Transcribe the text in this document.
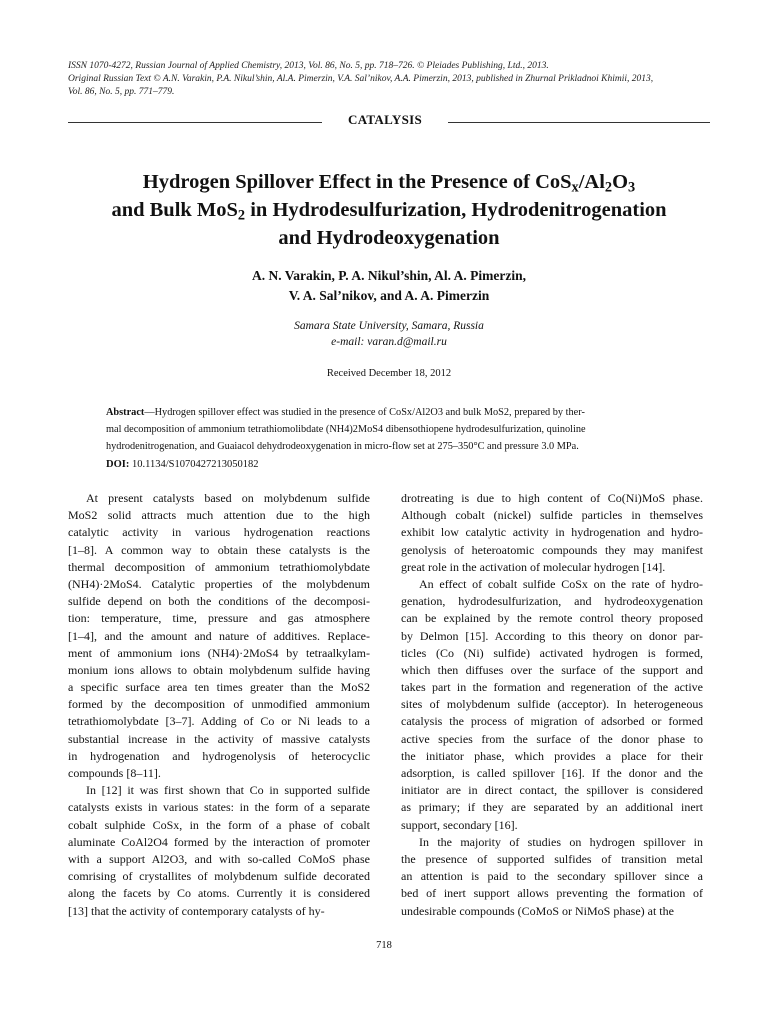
ISSN 1070-4272, Russian Journal of Applied Chemistry, 2013, Vol. 86, No. 5, pp. 718–726. © Pleiades Publishing, Ltd., 2013.
Original Russian Text © A.N. Varakin, P.A. Nikul’shin, Al.A. Pimerzin, V.A. Sal’nikov, A.A. Pimerzin, 2013, published in Zhurnal Prikladnoi Khimii, 2013,
Vol. 86, No. 5, pp. 771–779.
CATALYSIS
Hydrogen Spillover Effect in the Presence of $CoS_x/Al_2O_3$
and Bulk MoS$_2$ in Hydrodesulfurization, Hydrodenitrogenation
and Hydrodeoxygenation
A. N. Varakin, P. A. Nikul’shin, Al. A. Pimerzin,
V. A. Sal’nikov, and A. A. Pimerzin
Samara State University, Samara, Russia
e-mail: varan.d@mail.ru
Received December 18, 2012
Abstract—Hydrogen spillover effect was studied in the presence of CoSx/Al2O3 and bulk MoS2, prepared by ther-
mal decomposition of ammonium tetrathiomolibdate (NH4)2MoS4 dibensothiopene hydrodesulfurization, quinoline
hydrodenitrogenation, and Guaiacol dehydrodeoxygenation in micro-flow set at 275–350°C and pressure 3.0 MPa.
DOI: 10.1134/S1070427213050182
At present catalysts based on molybdenum sulfide
MoS2 solid attracts much attention due to the high
catalytic activity in various hydrogenation reactions
[1–8]. A common way to obtain these catalysts is the
thermal decomposition of ammonium tetrathiomolybdate
(NH4)·2MoS4. Catalytic properties of the molybdenum
sulfide depend on both the conditions of the decomposi-
tion: temperature, time, pressure and gas atmosphere
[1–4], and the amount and nature of additives. Replace-
ment of ammonium ions (NH4)·2MoS4 by tetraalkylam-
monium ions allows to obtain molybdenum sulfide having
a specific surface area ten times greater than the MoS2
formed by the decomposition of unmodified ammonium
tetrathiomolybdate [3–7]. Adding of Co or Ni leads to a
substantial increase in the activity of massive catalysts
in hydrogenation and hydrogenolysis of heterocyclic
compounds [8–11].
In [12] it was first shown that Co in supported sulfide
catalysts exists in various states: in the form of a separate
cobalt sulphide CoSx, in the form of a phase of cobalt
aluminate CoAl2O4 formed by the interaction of promoter
with a support Al2O3, and with so-called CoMoS phase
comrising of crystallites of molybdenum sulfide decorated
along the facets by Co atoms. Currently it is considered
[13] that the activity of contemporary catalysts of hy-
drotreating is due to high content of Co(Ni)MoS phase.
Although cobalt (nickel) sulfide particles in themselves
exhibit low catalytic activity in hydrogenation and hydro-
genolysis of heteroatomic compounds they may manifest
great role in the activation of molecular hydrogen [14].
An effect of cobalt sulfide CoSx on the rate of hydro-
genation, hydrodesulfurization, and hydrodeoxygenation
can be explained by the remote control theory proposed
by Delmon [15]. According to this theory on donor par-
ticles (Co (Ni) sulfide) activated hydrogen is formed,
which then diffuses over the surface of the support and
takes part in the formation and regeneration of the active
sites of molybdenum sulfide (acceptor). In heterogeneous
catalysis the process of migration of adsorbed or formed
active species from the surface of the donor phase to
the initiator phase, which provides a place for their
adsorption, is called spillover [16]. If the donor and the
initiator are in direct contact, the spillover is considered
as primary; if they are separated by an additional inert
support, secondary [16].
In the majority of studies on hydrogen spillover in
the presence of supported sulfides of transition metal
an attention is paid to the secondary spillover since a
bed of inert support allows preventing the formation of
undesirable compounds (CoMoS or NiMoS phase) at the
718
